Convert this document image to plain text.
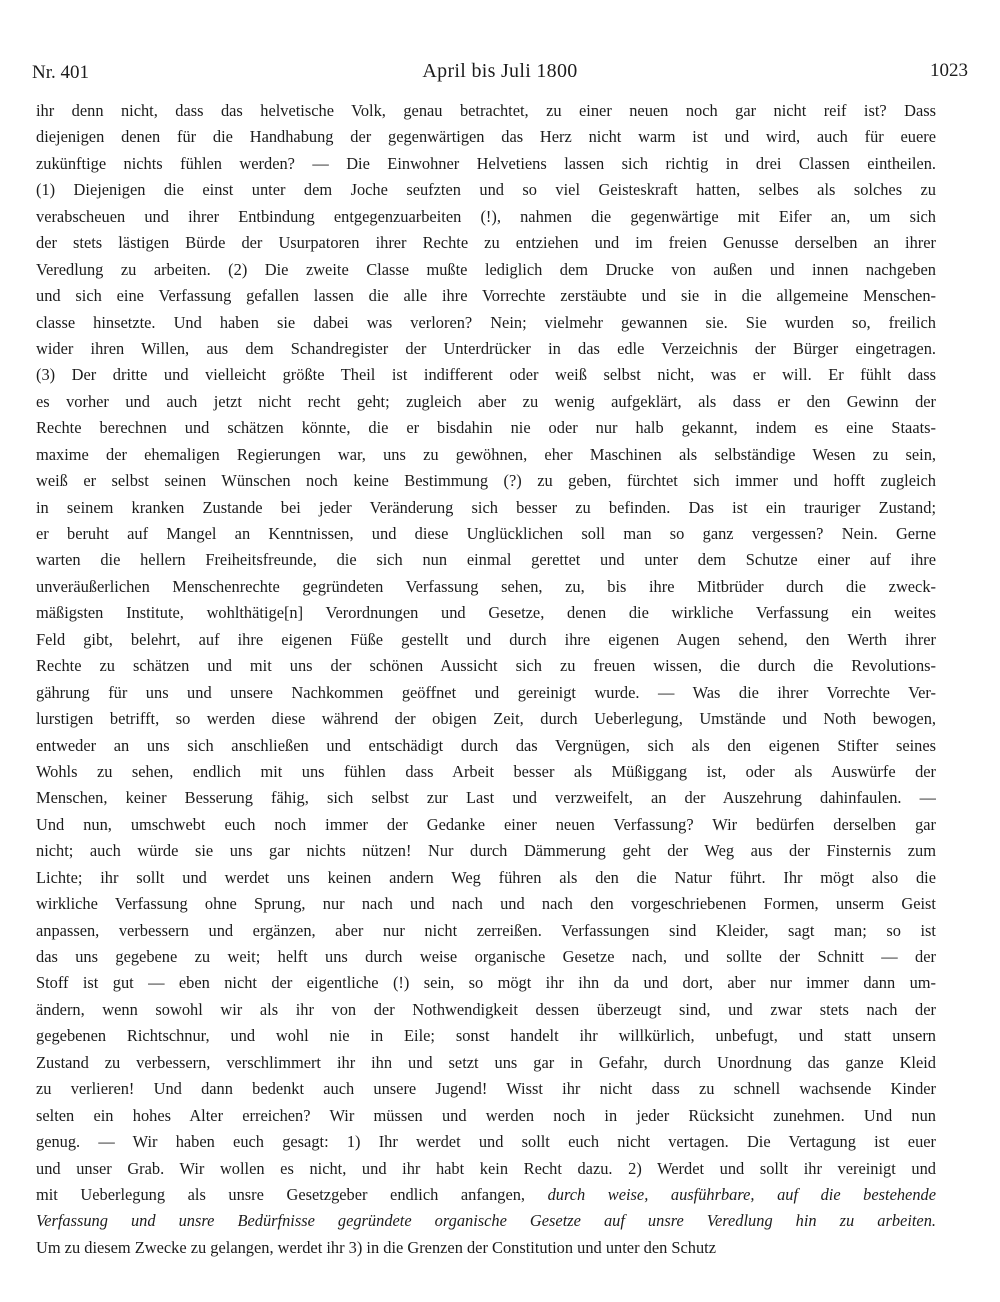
Nr. 401	April bis Juli 1800	1023
ihr denn nicht, dass das helvetische Volk, genau betrachtet, zu einer neuen noch gar nicht reif ist? Dass
diejenigen denen für die Handhabung der gegenwärtigen das Herz nicht warm ist und wird, auch für euere
zukünftige nichts fühlen werden? — Die Einwohner Helvetiens lassen sich richtig in drei Classen eintheilen.
(1) Diejenigen die einst unter dem Joche seufzten und so viel Geisteskraft hatten, selbes als solches zu
verabscheuen und ihrer Entbindung entgegenzuarbeiten (!), nahmen die gegenwärtige mit Eifer an, um sich
der stets lästigen Bürde der Usurpatoren ihrer Rechte zu entziehen und im freien Genusse derselben an ihrer
Veredlung zu arbeiten. (2) Die zweite Classe mußte lediglich dem Drucke von außen und innen nachgeben
und sich eine Verfassung gefallen lassen die alle ihre Vorrechte zerstäubte und sie in die allgemeine Menschen-
classe hinsetzte. Und haben sie dabei was verloren? Nein; vielmehr gewannen sie. Sie wurden so, freilich
wider ihren Willen, aus dem Schandregister der Unterdrücker in das edle Verzeichnis der Bürger eingetragen.
(3) Der dritte und vielleicht größte Theil ist indifferent oder weiß selbst nicht, was er will. Er fühlt dass
es vorher und auch jetzt nicht recht geht; zugleich aber zu wenig aufgeklärt, als dass er den Gewinn der
Rechte berechnen und schätzen könnte, die er bisdahin nie oder nur halb gekannt, indem es eine Staats-
maxime der ehemaligen Regierungen war, uns zu gewöhnen, eher Maschinen als selbständige Wesen zu sein,
weiß er selbst seinen Wünschen noch keine Bestimmung (?) zu geben, fürchtet sich immer und hofft zugleich
in seinem kranken Zustande bei jeder Veränderung sich besser zu befinden. Das ist ein trauriger Zustand;
er beruht auf Mangel an Kenntnissen, und diese Unglücklichen soll man so ganz vergessen? Nein. Gerne
warten die hellern Freiheitsfreunde, die sich nun einmal gerettet und unter dem Schutze einer auf ihre
unveräußerlichen Menschenrechte gegründeten Verfassung sehen, zu, bis ihre Mitbrüder durch die zweck-
mäßigsten Institute, wohlthätige[n] Verordnungen und Gesetze, denen die wirkliche Verfassung ein weites
Feld gibt, belehrt, auf ihre eigenen Füße gestellt und durch ihre eigenen Augen sehend, den Werth ihrer
Rechte zu schätzen und mit uns der schönen Aussicht sich zu freuen wissen, die durch die Revolutions-
gährung für uns und unsere Nachkommen geöffnet und gereinigt wurde. — Was die ihrer Vorrechte Ver-
lurstigen betrifft, so werden diese während der obigen Zeit, durch Ueberlegung, Umstände und Noth bewogen,
entweder an uns sich anschließen und entschädigt durch das Vergnügen, sich als den eigenen Stifter seines
Wohls zu sehen, endlich mit uns fühlen dass Arbeit besser als Müßiggang ist, oder als Auswürfe der
Menschen, keiner Besserung fähig, sich selbst zur Last und verzweifelt, an der Auszehrung dahinfaulen. —
Und nun, umschwebt euch noch immer der Gedanke einer neuen Verfassung? Wir bedürfen derselben gar
nicht; auch würde sie uns gar nichts nützen! Nur durch Dämmerung geht der Weg aus der Finsternis zum
Lichte; ihr sollt und werdet uns keinen andern Weg führen als den die Natur führt. Ihr mögt also die
wirkliche Verfassung ohne Sprung, nur nach und nach und nach den vorgeschriebenen Formen, unserm Geist
anpassen, verbessern und ergänzen, aber nur nicht zerreißen. Verfassungen sind Kleider, sagt man; so ist
das uns gegebene zu weit; helft uns durch weise organische Gesetze nach, und sollte der Schnitt — der
Stoff ist gut — eben nicht der eigentliche (!) sein, so mögt ihr ihn da und dort, aber nur immer dann um-
ändern, wenn sowohl wir als ihr von der Nothwendigkeit dessen überzeugt sind, und zwar stets nach der
gegebenen Richtschnur, und wohl nie in Eile; sonst handelt ihr willkürlich, unbefugt, und statt unsern
Zustand zu verbessern, verschlimmert ihr ihn und setzt uns gar in Gefahr, durch Unordnung das ganze Kleid
zu verlieren! Und dann bedenkt auch unsere Jugend! Wisst ihr nicht dass zu schnell wachsende Kinder
selten ein hohes Alter erreichen? Wir müssen und werden noch in jeder Rücksicht zunehmen. Und nun
genug. — Wir haben euch gesagt: 1) Ihr werdet und sollt euch nicht vertagen. Die Vertagung ist euer
und unser Grab. Wir wollen es nicht, und ihr habt kein Recht dazu. 2) Werdet und sollt ihr vereinigt und
mit Ueberlegung als unsre Gesetzgeber endlich anfangen, durch weise, ausführbare, auf die bestehende
Verfassung und unsre Bedürfnisse gegründete organische Gesetze auf unsre Veredlung hin zu arbeiten.
Um zu diesem Zwecke zu gelangen, werdet ihr 3) in die Grenzen der Constitution und unter den Schutz
